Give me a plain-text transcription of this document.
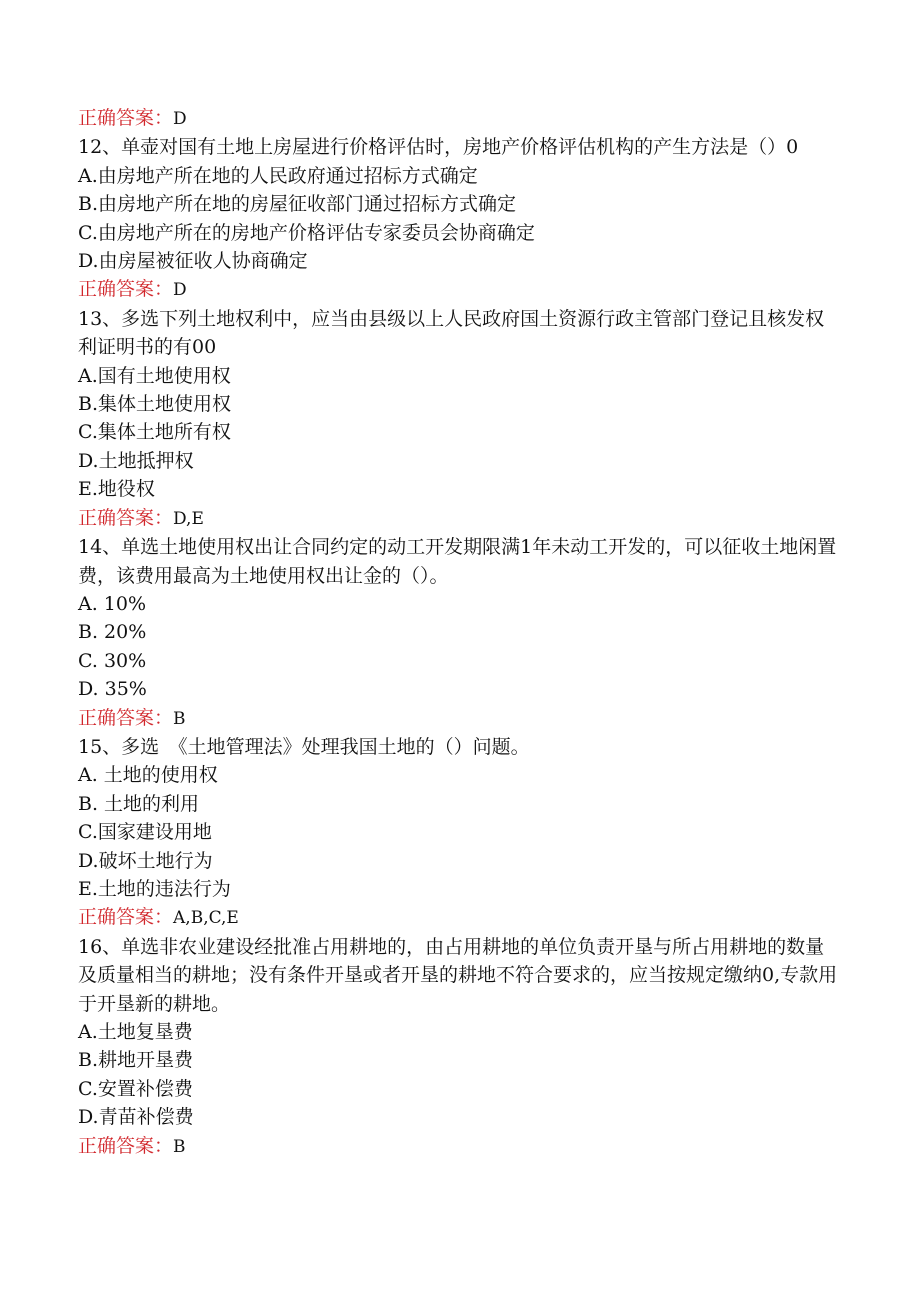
正确答案：D
12、单壶对国有土地上房屋进行价格评估时，房地产价格评估机构的产生方法是（）0
A.由房地产所在地的人民政府通过招标方式确定
B.由房地产所在地的房屋征收部门通过招标方式确定
C.由房地产所在的房地产价格评估专家委员会协商确定
D.由房屋被征收人协商确定
正确答案：D
13、多选下列土地权利中，应当由县级以上人民政府国土资源行政主管部门登记且核发权利证明书的有00
A.国有土地使用权
B.集体土地使用权
C.集体土地所有权
D.土地抵押权
E.地役权
正确答案：D,E
14、单选土地使用权出让合同约定的动工开发期限满1年未动工开发的，可以征收土地闲置费，该费用最高为土地使用权出让金的（）。
A. 10%
B. 20%
C. 30%
D. 35%
正确答案：B
15、多选　《土地管理法》处理我国土地的（）问题。
A. 土地的使用权
B. 土地的利用
C.国家建设用地
D.破坏土地行为
E.土地的违法行为
正确答案：A,B,C,E
16、单选非农业建设经批准占用耕地的，由占用耕地的单位负责开垦与所占用耕地的数量及质量相当的耕地；没有条件开垦或者开垦的耕地不符合要求的，应当按规定缴纳0,专款用于开垦新的耕地。
A.土地复垦费
B.耕地开垦费
C.安置补偿费
D.青苗补偿费
正确答案：B
